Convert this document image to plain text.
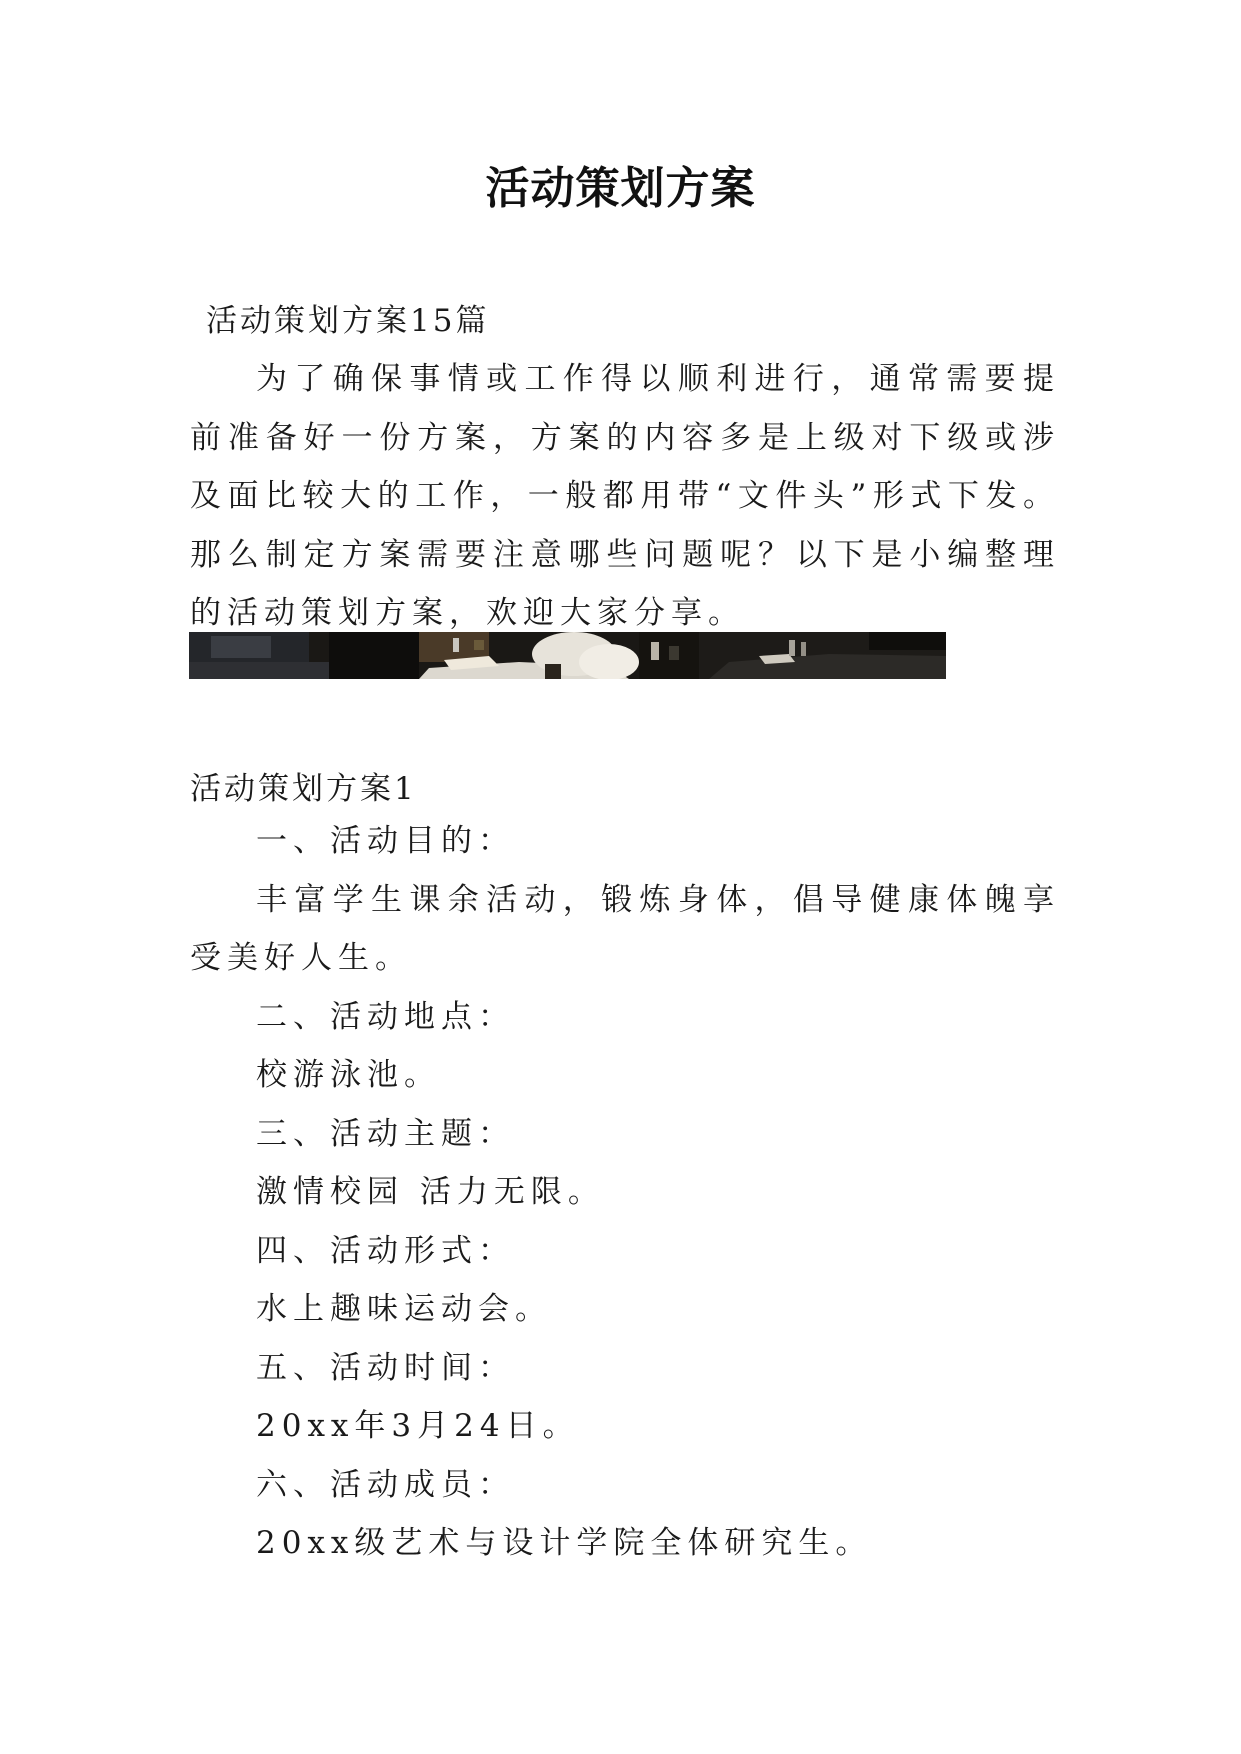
活动策划方案
活动策划方案15篇

为了确保事情或工作得以顺利进行，通常需要提前准备好一份方案，方案的内容多是上级对下级或涉及面比较大的工作，一般都用带“文件头”形式下发。那么制定方案需要注意哪些问题呢？以下是小编整理的活动策划方案，欢迎大家分享。

活动策划方案1
一、活动目的：
丰富学生课余活动，锻炼身体，倡导健康体魄享受美好人生。
二、活动地点：
校游泳池。
三、活动主题：
激情校园 活力无限。
四、活动形式：
水上趣味运动会。
五、活动时间：
20xx年3月24日。
六、活动成员：
20xx级艺术与设计学院全体研究生。
